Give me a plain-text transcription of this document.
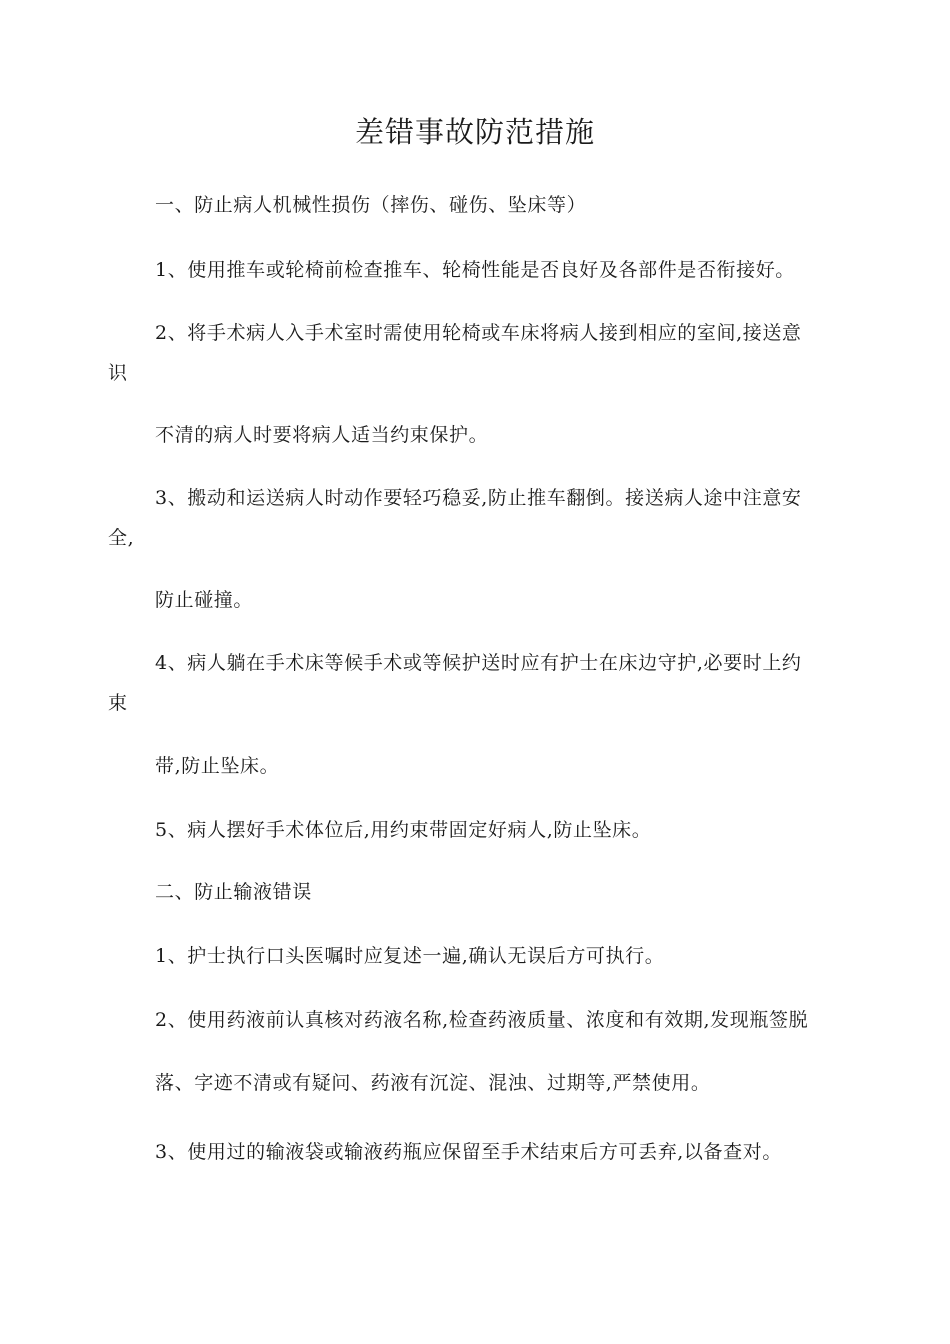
差错事故防范措施
一、防止病人机械性损伤（摔伤、碰伤、坠床等）
1、使用推车或轮椅前检查推车、轮椅性能是否良好及各部件是否衔接好。
2、将手术病人入手术室时需使用轮椅或车床将病人接到相应的室间,接送意
识
不清的病人时要将病人适当约束保护。
3、搬动和运送病人时动作要轻巧稳妥,防止推车翻倒。接送病人途中注意安
全,
防止碰撞。
4、病人躺在手术床等候手术或等候护送时应有护士在床边守护,必要时上约
束
带,防止坠床。
5、病人摆好手术体位后,用约束带固定好病人,防止坠床。
二、防止输液错误
1、护士执行口头医嘱时应复述一遍,确认无误后方可执行。
2、使用药液前认真核对药液名称,检查药液质量、浓度和有效期,发现瓶签脱
落、字迹不清或有疑问、药液有沉淀、混浊、过期等,严禁使用。
3、使用过的输液袋或输液药瓶应保留至手术结束后方可丢弃,以备查对。
